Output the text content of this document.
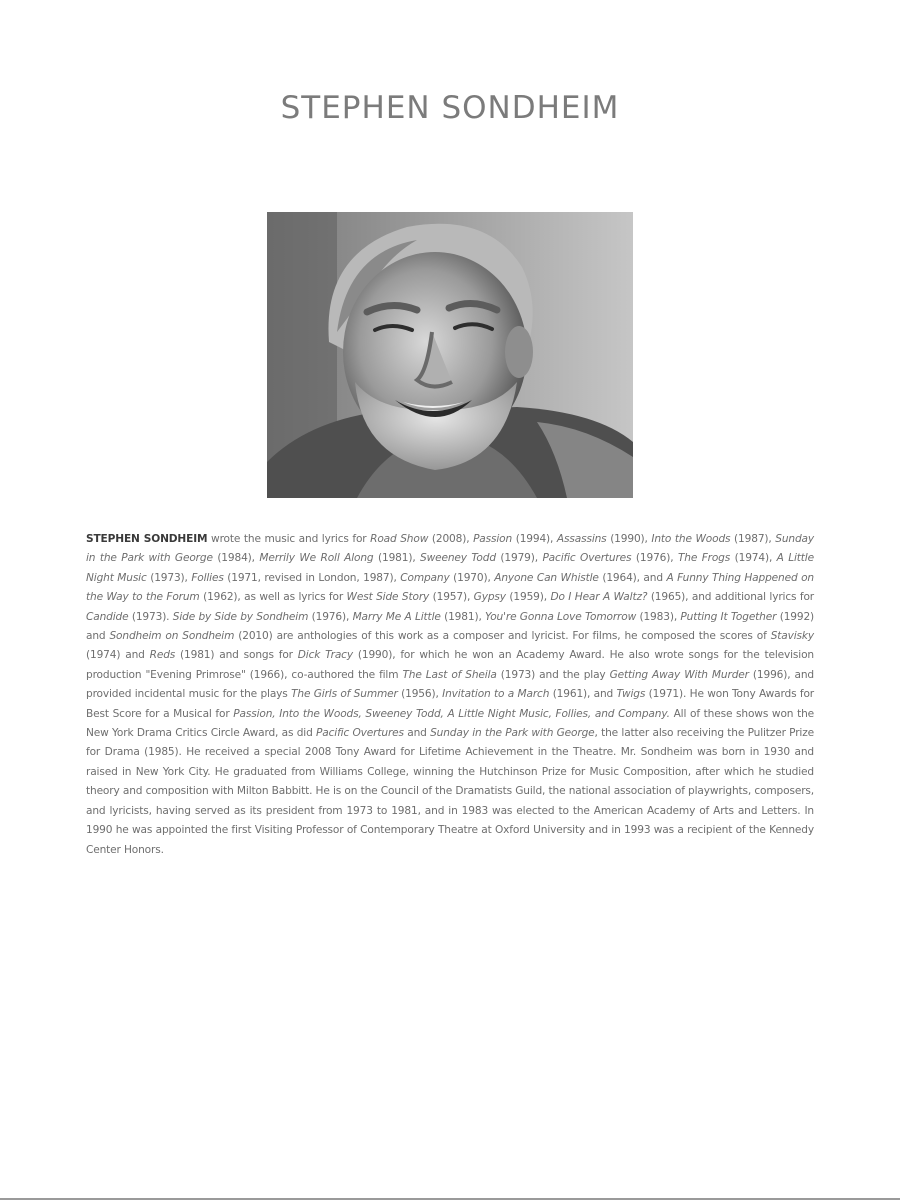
STEPHEN SONDHEIM

STEPHEN SONDHEIM wrote the music and lyrics for Road Show (2008), Passion (1994), Assassins (1990), Into the Woods (1987), Sunday in the Park with George (1984), Merrily We Roll Along (1981), Sweeney Todd (1979), Pacific Overtures (1976), The Frogs (1974), A Little Night Music (1973), Follies (1971, revised in London, 1987), Company (1970), Anyone Can Whistle (1964), and A Funny Thing Happened on the Way to the Forum (1962), as well as lyrics for West Side Story (1957), Gypsy (1959), Do I Hear A Waltz? (1965), and additional lyrics for Candide (1973). Side by Side by Sondheim (1976), Marry Me A Little (1981), You're Gonna Love Tomorrow (1983), Putting It Together (1992) and Sondheim on Sondheim (2010) are anthologies of this work as a composer and lyricist. For films, he composed the scores of Stavisky (1974) and Reds (1981) and songs for Dick Tracy (1990), for which he won an Academy Award. He also wrote songs for the television production "Evening Primrose" (1966), co-authored the film The Last of Sheila (1973) and the play Getting Away With Murder (1996), and provided incidental music for the plays The Girls of Summer (1956), Invitation to a March (1961), and Twigs (1971). He won Tony Awards for Best Score for a Musical for Passion, Into the Woods, Sweeney Todd, A Little Night Music, Follies, and Company. All of these shows won the New York Drama Critics Circle Award, as did Pacific Overtures and Sunday in the Park with George, the latter also receiving the Pulitzer Prize for Drama (1985). He received a special 2008 Tony Award for Lifetime Achievement in the Theatre. Mr. Sondheim was born in 1930 and raised in New York City. He graduated from Williams College, winning the Hutchinson Prize for Music Composition, after which he studied theory and composition with Milton Babbitt. He is on the Council of the Dramatists Guild, the national association of playwrights, composers, and lyricists, having served as its president from 1973 to 1981, and in 1983 was elected to the American Academy of Arts and Letters. In 1990 he was appointed the first Visiting Professor of Contemporary Theatre at Oxford University and in 1993 was a recipient of the Kennedy Center Honors.
